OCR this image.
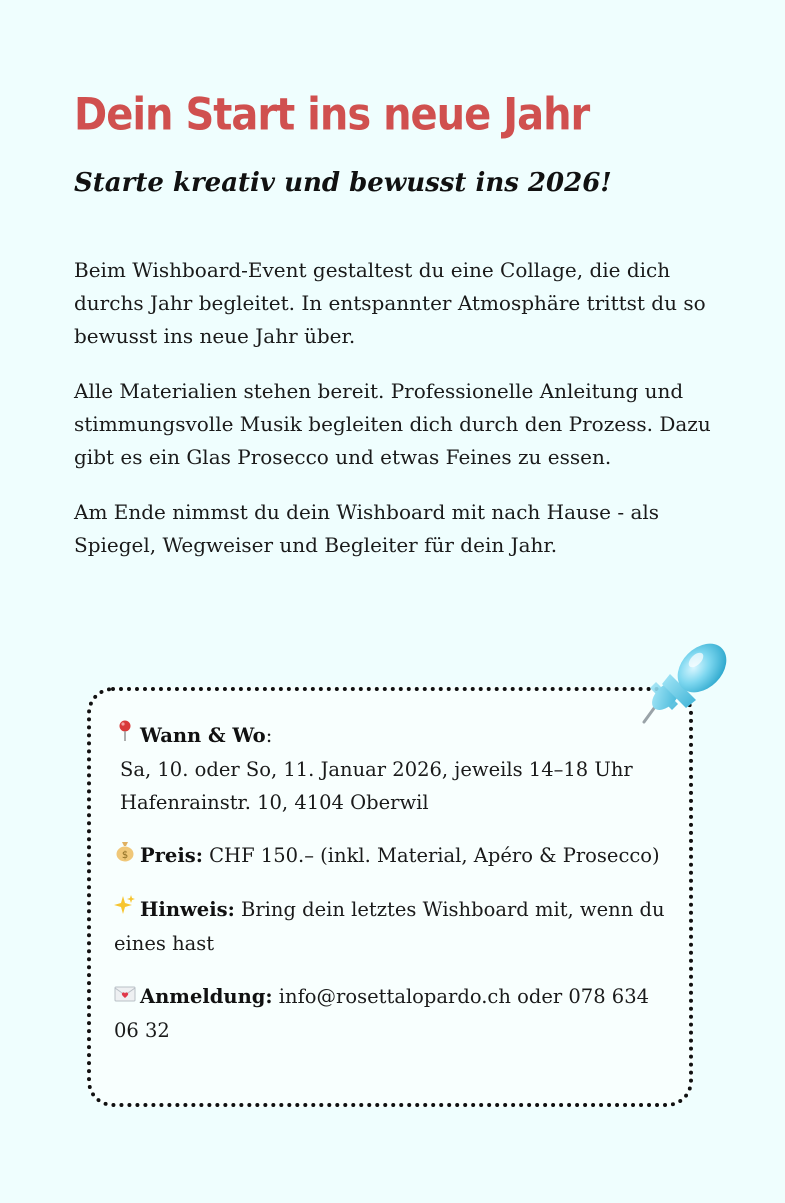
Dein Start ins neue Jahr
Starte kreativ und bewusst ins 2026!

Beim Wishboard-Event gestaltest du eine Collage, die dich durchs Jahr begleitet. In entspannter Atmosphäre trittst du so bewusst ins neue Jahr über.

Alle Materialien stehen bereit. Professionelle Anleitung und stimmungsvolle Musik begleiten dich durch den Prozess. Dazu gibt es ein Glas Prosecco und etwas Feines zu essen.

Am Ende nimmst du dein Wishboard mit nach Hause - als Spiegel, Wegweiser und Begleiter für dein Jahr.

Wann & Wo:
Sa, 10. oder So, 11. Januar 2026, jeweils 14–18 Uhr
Hafenrainstr. 10, 4104 Oberwil
$ Preis: CHF 150.– (inkl. Material, Apéro & Prosecco)
Hinweis: Bring dein letztes Wishboard mit, wenn du eines hast
Anmeldung: info@rosettalopardo.ch oder 078 634 06 32
